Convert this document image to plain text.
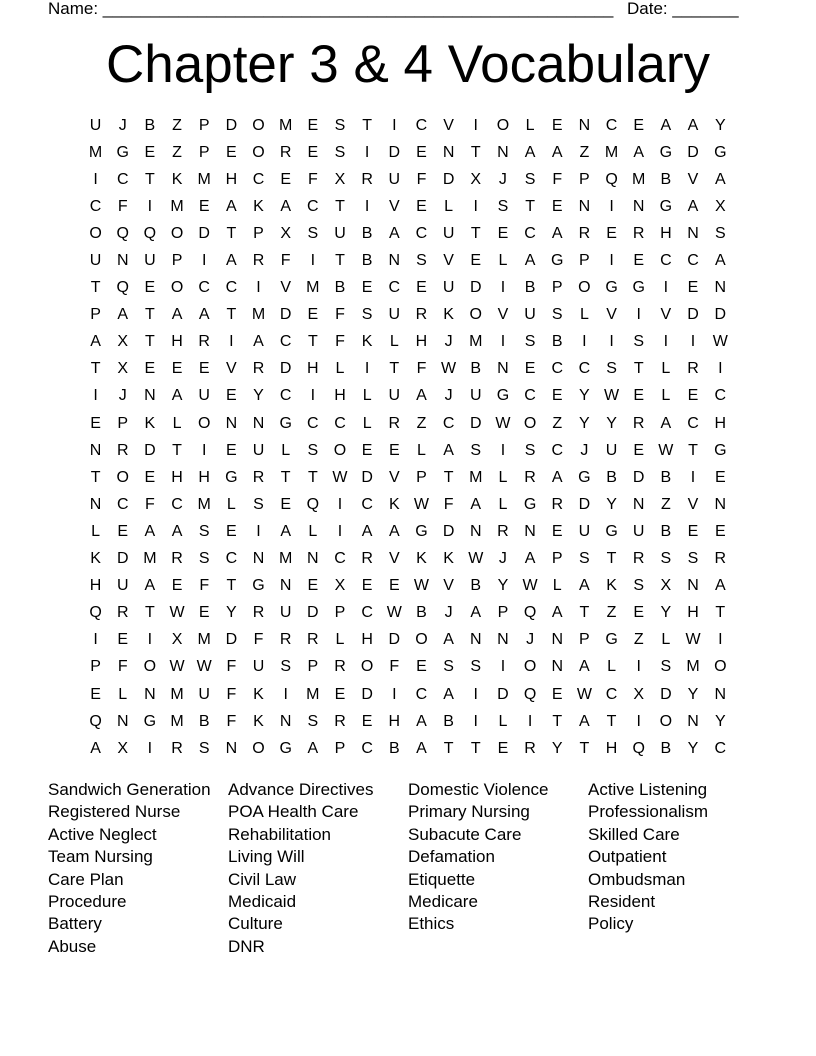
Name: ______________________________________________________ Date: _______
Chapter 3 & 4 Vocabulary
U	J	B	Z	P	D	O	M	E	S	T	I	C	V	I	O	L	E	N	C	E	A	A	Y
M	G	E	Z	P	E	O	R	E	S	I	D	E	N	T	N	A	A	Z	M	A	G	D	G
I	C	T	K	M	H	C	E	F	X	R	U	F	D	X	J	S	F	P	Q	M	B	V	A
C	F	I	M	E	A	K	A	C	T	I	V	E	L	I	S	T	E	N	I	N	G	A	X
O	Q	Q	O	D	T	P	X	S	U	B	A	C	U	T	E	C	A	R	E	R	H	N	S
U	N	U	P	I	A	R	F	I	T	B	N	S	V	E	L	A	G	P	I	E	C	C	A
T	Q	E	O	C	C	I	V	M	B	E	C	E	U	D	I	B	P	O	G	G	I	E	N
P	A	T	A	A	T	M	D	E	F	S	U	R	K	O	V	U	S	L	V	I	V	D	D
A	X	T	H	R	I	A	C	T	F	K	L	H	J	M	I	S	B	I	I	S	I	I	W
T	X	E	E	E	V	R	D	H	L	I	T	F	W	B	N	E	C	C	S	T	L	R	I
I	J	N	A	U	E	Y	C	I	H	L	U	A	J	U	G	C	E	Y	W	E	L	E	C
E	P	K	L	O	N	N	G	C	C	L	R	Z	C	D	W	O	Z	Y	Y	R	A	C	H
N	R	D	T	I	E	U	L	S	O	E	E	L	A	S	I	S	C	J	U	E	W	T	G
T	O	E	H	H	G	R	T	T	W	D	V	P	T	M	L	R	A	G	B	D	B	I	E
N	C	F	C	M	L	S	E	Q	I	C	K	W	F	A	L	G	R	D	Y	N	Z	V	N
L	E	A	A	S	E	I	A	L	I	A	A	G	D	N	R	N	E	U	G	U	B	E	E
K	D	M	R	S	C	N	M	N	C	R	V	K	K	W	J	A	P	S	T	R	S	S	R
H	U	A	E	F	T	G	N	E	X	E	E	W	V	B	Y	W	L	A	K	S	X	N	A
Q	R	T	W	E	Y	R	U	D	P	C	W	B	J	A	P	Q	A	T	Z	E	Y	H	T
I	E	I	X	M	D	F	R	R	L	H	D	O	A	N	N	J	N	P	G	Z	L	W	I
P	F	O	W	W	F	U	S	P	R	O	F	E	S	S	I	O	N	A	L	I	S	M	O
E	L	N	M	U	F	K	I	M	E	D	I	C	A	I	D	Q	E	W	C	X	D	Y	N
Q	N	G	M	B	F	K	N	S	R	E	H	A	B	I	L	I	T	A	T	I	O	N	Y
A	X	I	R	S	N	O	G	A	P	C	B	A	T	T	E	R	Y	T	H	Q	B	Y	C
Sandwich Generation
Registered Nurse
Active Neglect
Team Nursing
Care Plan
Procedure
Battery
Abuse
Advance Directives
POA Health Care
Rehabilitation
Living Will
Civil Law
Medicaid
Culture
DNR
Domestic Violence
Primary Nursing
Subacute Care
Defamation
Etiquette
Medicare
Ethics
Active Listening
Professionalism
Skilled Care
Outpatient
Ombudsman
Resident
Policy
